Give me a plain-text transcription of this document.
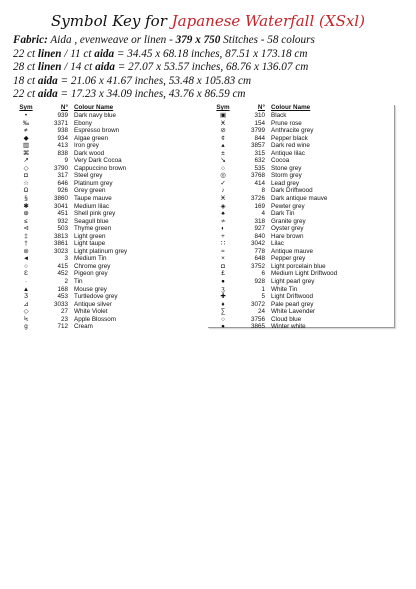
Symbol Key for Japanese Waterfall (XSxl)
Fabric: Aida , evenweave or linen - 379 x 750 Stitches - 58 colours
22 ct linen / 11 ct aida = 34.45 x 68.18 inches, 87.51 x 173.18 cm
28 ct linen / 14 ct aida = 27.07 x 53.57 inches, 68.76 x 136.07 cm
18 ct aida = 21.06 x 41.67 inches, 53.48 x 105.83 cm
22 ct aida = 17.23 x 34.09 inches, 43.76 x 86.59 cm
Sym	N° Colour Name
•	939 Dark navy blue
‰	3371 Ebony
≠	938 Espresso brown
◆	934 Algae green
▥	413 Iron grey
⌘	838 Dark wood
↗	9 Very Dark Cocoa
◇	3790 Cappuccino brown
◘	317 Steel grey
☆	646 Platinum grey
Ω	926 Grey green
§	3860 Taupe mauve
✱	3041 Medium lilac
⊕	451 Shell pink grey
≤	932 Seagull blue
⊲	503 Thyme green
‡	3813 Light green
†	3861 Light taupe
⊚	3023 Light platinum grey
◄	3 Medium Tin
○	415 Chrome grey
Ɛ	452 Pigeon grey
·	2 Tin
▲	168 Mouse grey
Ӡ	453 Turtledove grey
⊿	3033 Antique silver
◇	27 White Violet
Ϟ	23 Apple Blossom
g	712 Cream
Sym	N° Colour Name
▣	310 Black
Ӿ	154 Prune rose
⊘	3799 Anthracite grey
¢	844 Pepper black
▴	3857 Dark red wine
±	315 Antique lilac
↘	632 Cocoa
○	535 Stone grey
◎	3768 Storm grey
✓	414 Lead grey
♪	8 Dark Driftwood
Ӿ	3726 Dark antique mauve
◈	169 Pewter grey
♠	4 Dark Tin
≁	318 Granite grey
◐	927 Oyster grey
+	840 Hare brown
∷	3042 Lilac
≈	778 Antique mauve
×	648 Pepper grey
◘	3752 Light porcelain blue
£	6 Medium Light Driftwood
●	928 Light pearl grey
ʒ	1 White Tin
✚	5 Light Driftwood
♦	3072 Pale pearl grey
∑	24 White Lavender
○	3756 Cloud blue
●	3865 Winter white
